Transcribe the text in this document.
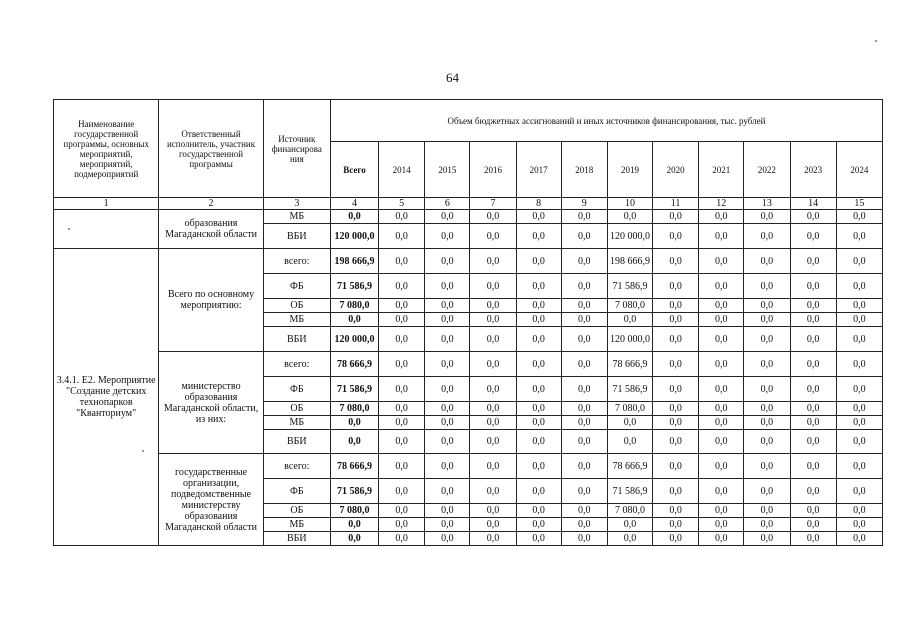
64
Наименование государственной программы, основных мероприятий, мероприятий, подмероприятий	Ответственный исполнитель, участник государственной программы	Источник финансирова ния	Объем бюджетных ассигнований и иных источников финансирования, тыс. рублей											
			Всего	2014	2015	2016	2017	2018	2019	2020	2021	2022	2023	2024
1	2	3	4	5	6	7	8	9	10	11	12	13	14	15
	образования Магаданской области	МБ	0,0	0,0	0,0	0,0	0,0	0,0	0,0	0,0	0,0	0,0	0,0	0,0
		ВБИ	120 000,0	0,0	0,0	0,0	0,0	0,0	120 000,0	0,0	0,0	0,0	0,0	0,0
3.4.1. Е2. Мероприятие "Создание детских технопарков "Кванториум"	Всего по основному мероприятию:	всего:	198 666,9	0,0	0,0	0,0	0,0	0,0	198 666,9	0,0	0,0	0,0	0,0	0,0
		ФБ	71 586,9	0,0	0,0	0,0	0,0	0,0	71 586,9	0,0	0,0	0,0	0,0	0,0
		ОБ	7 080,0	0,0	0,0	0,0	0,0	0,0	7 080,0	0,0	0,0	0,0	0,0	0,0
		МБ	0,0	0,0	0,0	0,0	0,0	0,0	0,0	0,0	0,0	0,0	0,0	0,0
		ВБИ	120 000,0	0,0	0,0	0,0	0,0	0,0	120 000,0	0,0	0,0	0,0	0,0	0,0
	министерство образования Магаданской области, из них:	всего:	78 666,9	0,0	0,0	0,0	0,0	0,0	78 666,9	0,0	0,0	0,0	0,0	0,0
		ФБ	71 586,9	0,0	0,0	0,0	0,0	0,0	71 586,9	0,0	0,0	0,0	0,0	0,0
		ОБ	7 080,0	0,0	0,0	0,0	0,0	0,0	7 080,0	0,0	0,0	0,0	0,0	0,0
		МБ	0,0	0,0	0,0	0,0	0,0	0,0	0,0	0,0	0,0	0,0	0,0	0,0
		ВБИ	0,0	0,0	0,0	0,0	0,0	0,0	0,0	0,0	0,0	0,0	0,0	0,0
	государственные организации, подведомственные министерству образования Магаданской области	всего:	78 666,9	0,0	0,0	0,0	0,0	0,0	78 666,9	0,0	0,0	0,0	0,0	0,0
		ФБ	71 586,9	0,0	0,0	0,0	0,0	0,0	71 586,9	0,0	0,0	0,0	0,0	0,0
		ОБ	7 080,0	0,0	0,0	0,0	0,0	0,0	7 080,0	0,0	0,0	0,0	0,0	0,0
		МБ	0,0	0,0	0,0	0,0	0,0	0,0	0,0	0,0	0,0	0,0	0,0	0,0
		ВБИ	0,0	0,0	0,0	0,0	0,0	0,0	0,0	0,0	0,0	0,0	0,0	0,0
